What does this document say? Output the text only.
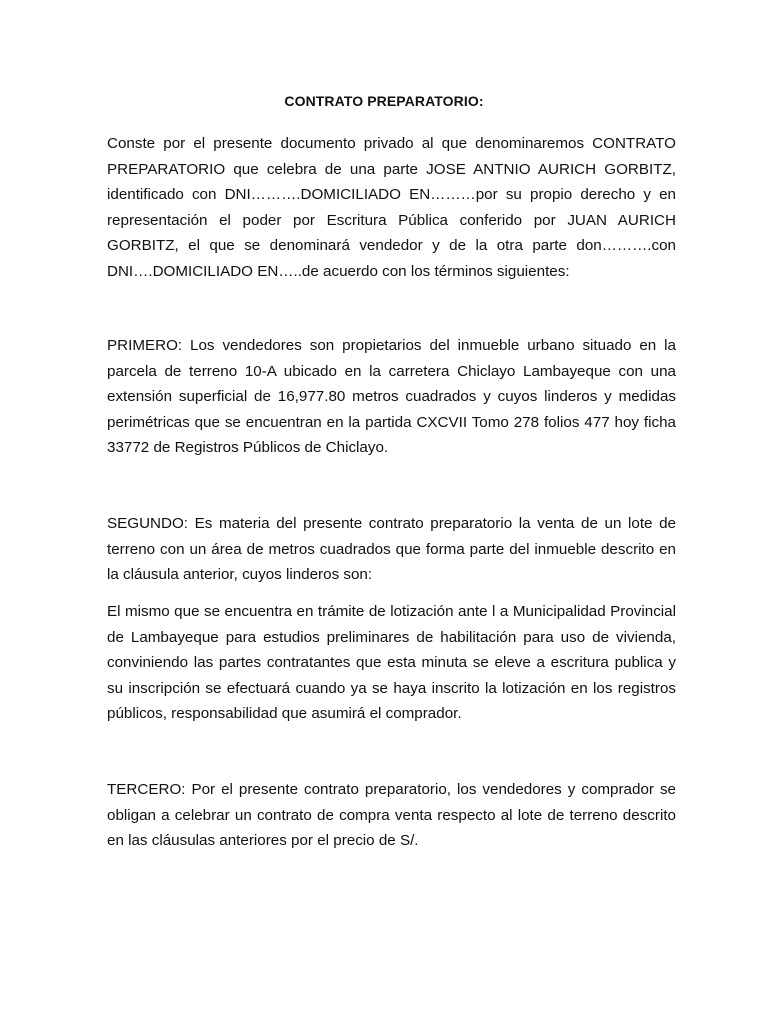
CONTRATO PREPARATORIO:

Conste por el presente documento privado al que denominaremos CONTRATO PREPARATORIO que celebra de una parte JOSE ANTNIO AURICH GORBITZ, identificado con DNI……….DOMICILIADO EN………por su propio derecho y en representación el poder por Escritura Pública conferido por JUAN AURICH GORBITZ, el que se denominará vendedor y de la otra parte don……….con DNI….DOMICILIADO EN…..de acuerdo con los términos siguientes:

PRIMERO: Los vendedores son propietarios del inmueble urbano situado en la parcela de terreno 10-A ubicado en la carretera Chiclayo Lambayeque con una extensión superficial de 16,977.80 metros cuadrados y cuyos linderos y medidas perimétricas que se encuentran en la partida CXCVII Tomo 278 folios 477 hoy ficha 33772 de Registros Públicos de Chiclayo.

SEGUNDO: Es materia del presente contrato preparatorio la venta de un lote de terreno con un área de metros cuadrados que forma parte del inmueble descrito en la cláusula anterior, cuyos linderos son:

El mismo que se encuentra en trámite de lotización ante l a Municipalidad Provincial de Lambayeque para estudios preliminares de habilitación para uso de vivienda, conviniendo las partes contratantes que esta minuta se eleve a escritura publica y su inscripción se efectuará cuando ya se haya inscrito la lotización en los registros públicos, responsabilidad que asumirá el comprador.

TERCERO: Por el presente contrato preparatorio, los vendedores y comprador se obligan a celebrar un contrato de compra venta respecto al lote de terreno descrito en las cláusulas anteriores por el precio de S/.
